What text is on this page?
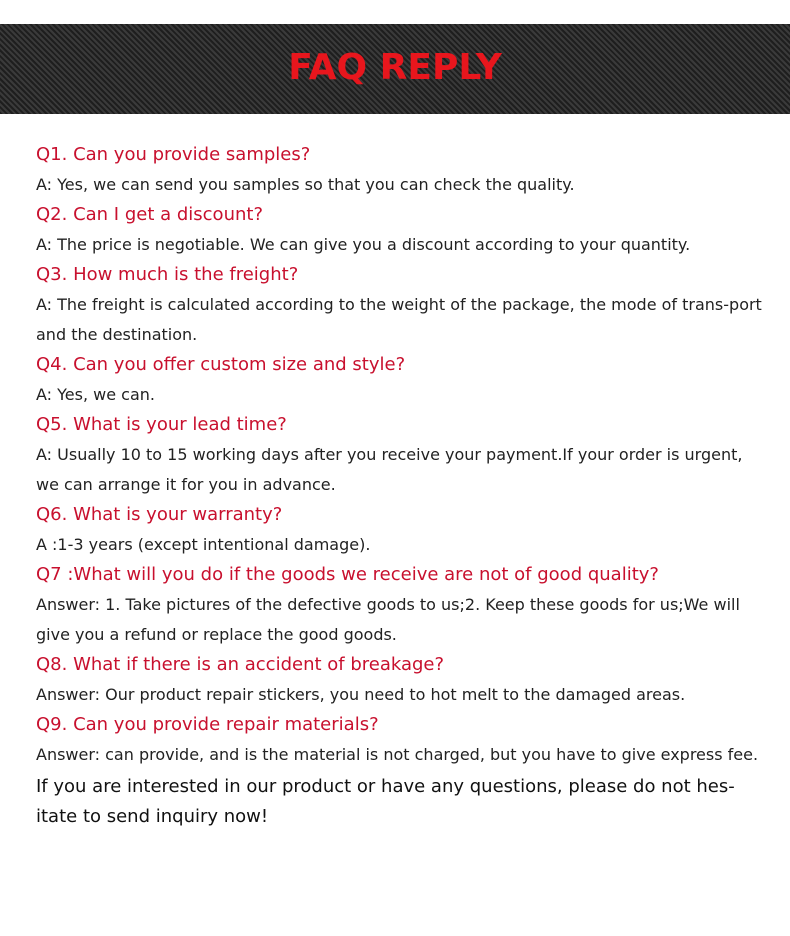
FAQ REPLY

Q1. Can you provide samples?

A: Yes, we can send you samples so that you can check the quality.

Q2. Can I get a discount?

A: The price is negotiable. We can give you a discount according to your quantity.

Q3. How much is the freight?

A: The freight is calculated according to the weight of the package, the mode of trans-port and the destination.

Q4. Can you offer custom size and style?

A: Yes, we can.

Q5. What is your lead time?

A: Usually 10 to 15 working days after you receive your payment.If your order is urgent, we can arrange it for you in advance.

Q6. What is your warranty?

A :1-3 years (except intentional damage).

Q7 :What will you do if the goods we receive are not of good quality?

Answer: 1. Take pictures of the defective goods to us;2. Keep these goods for us;We will give you a refund or replace the good goods.

Q8. What if there is an accident of breakage?

Answer: Our product repair stickers, you need to hot melt to the damaged areas.

Q9. Can you provide repair materials?

Answer: can provide, and is the material is not charged, but you have to give express fee.

If you are interested in our product or have any questions, please do not hes-itate to send inquiry now!
